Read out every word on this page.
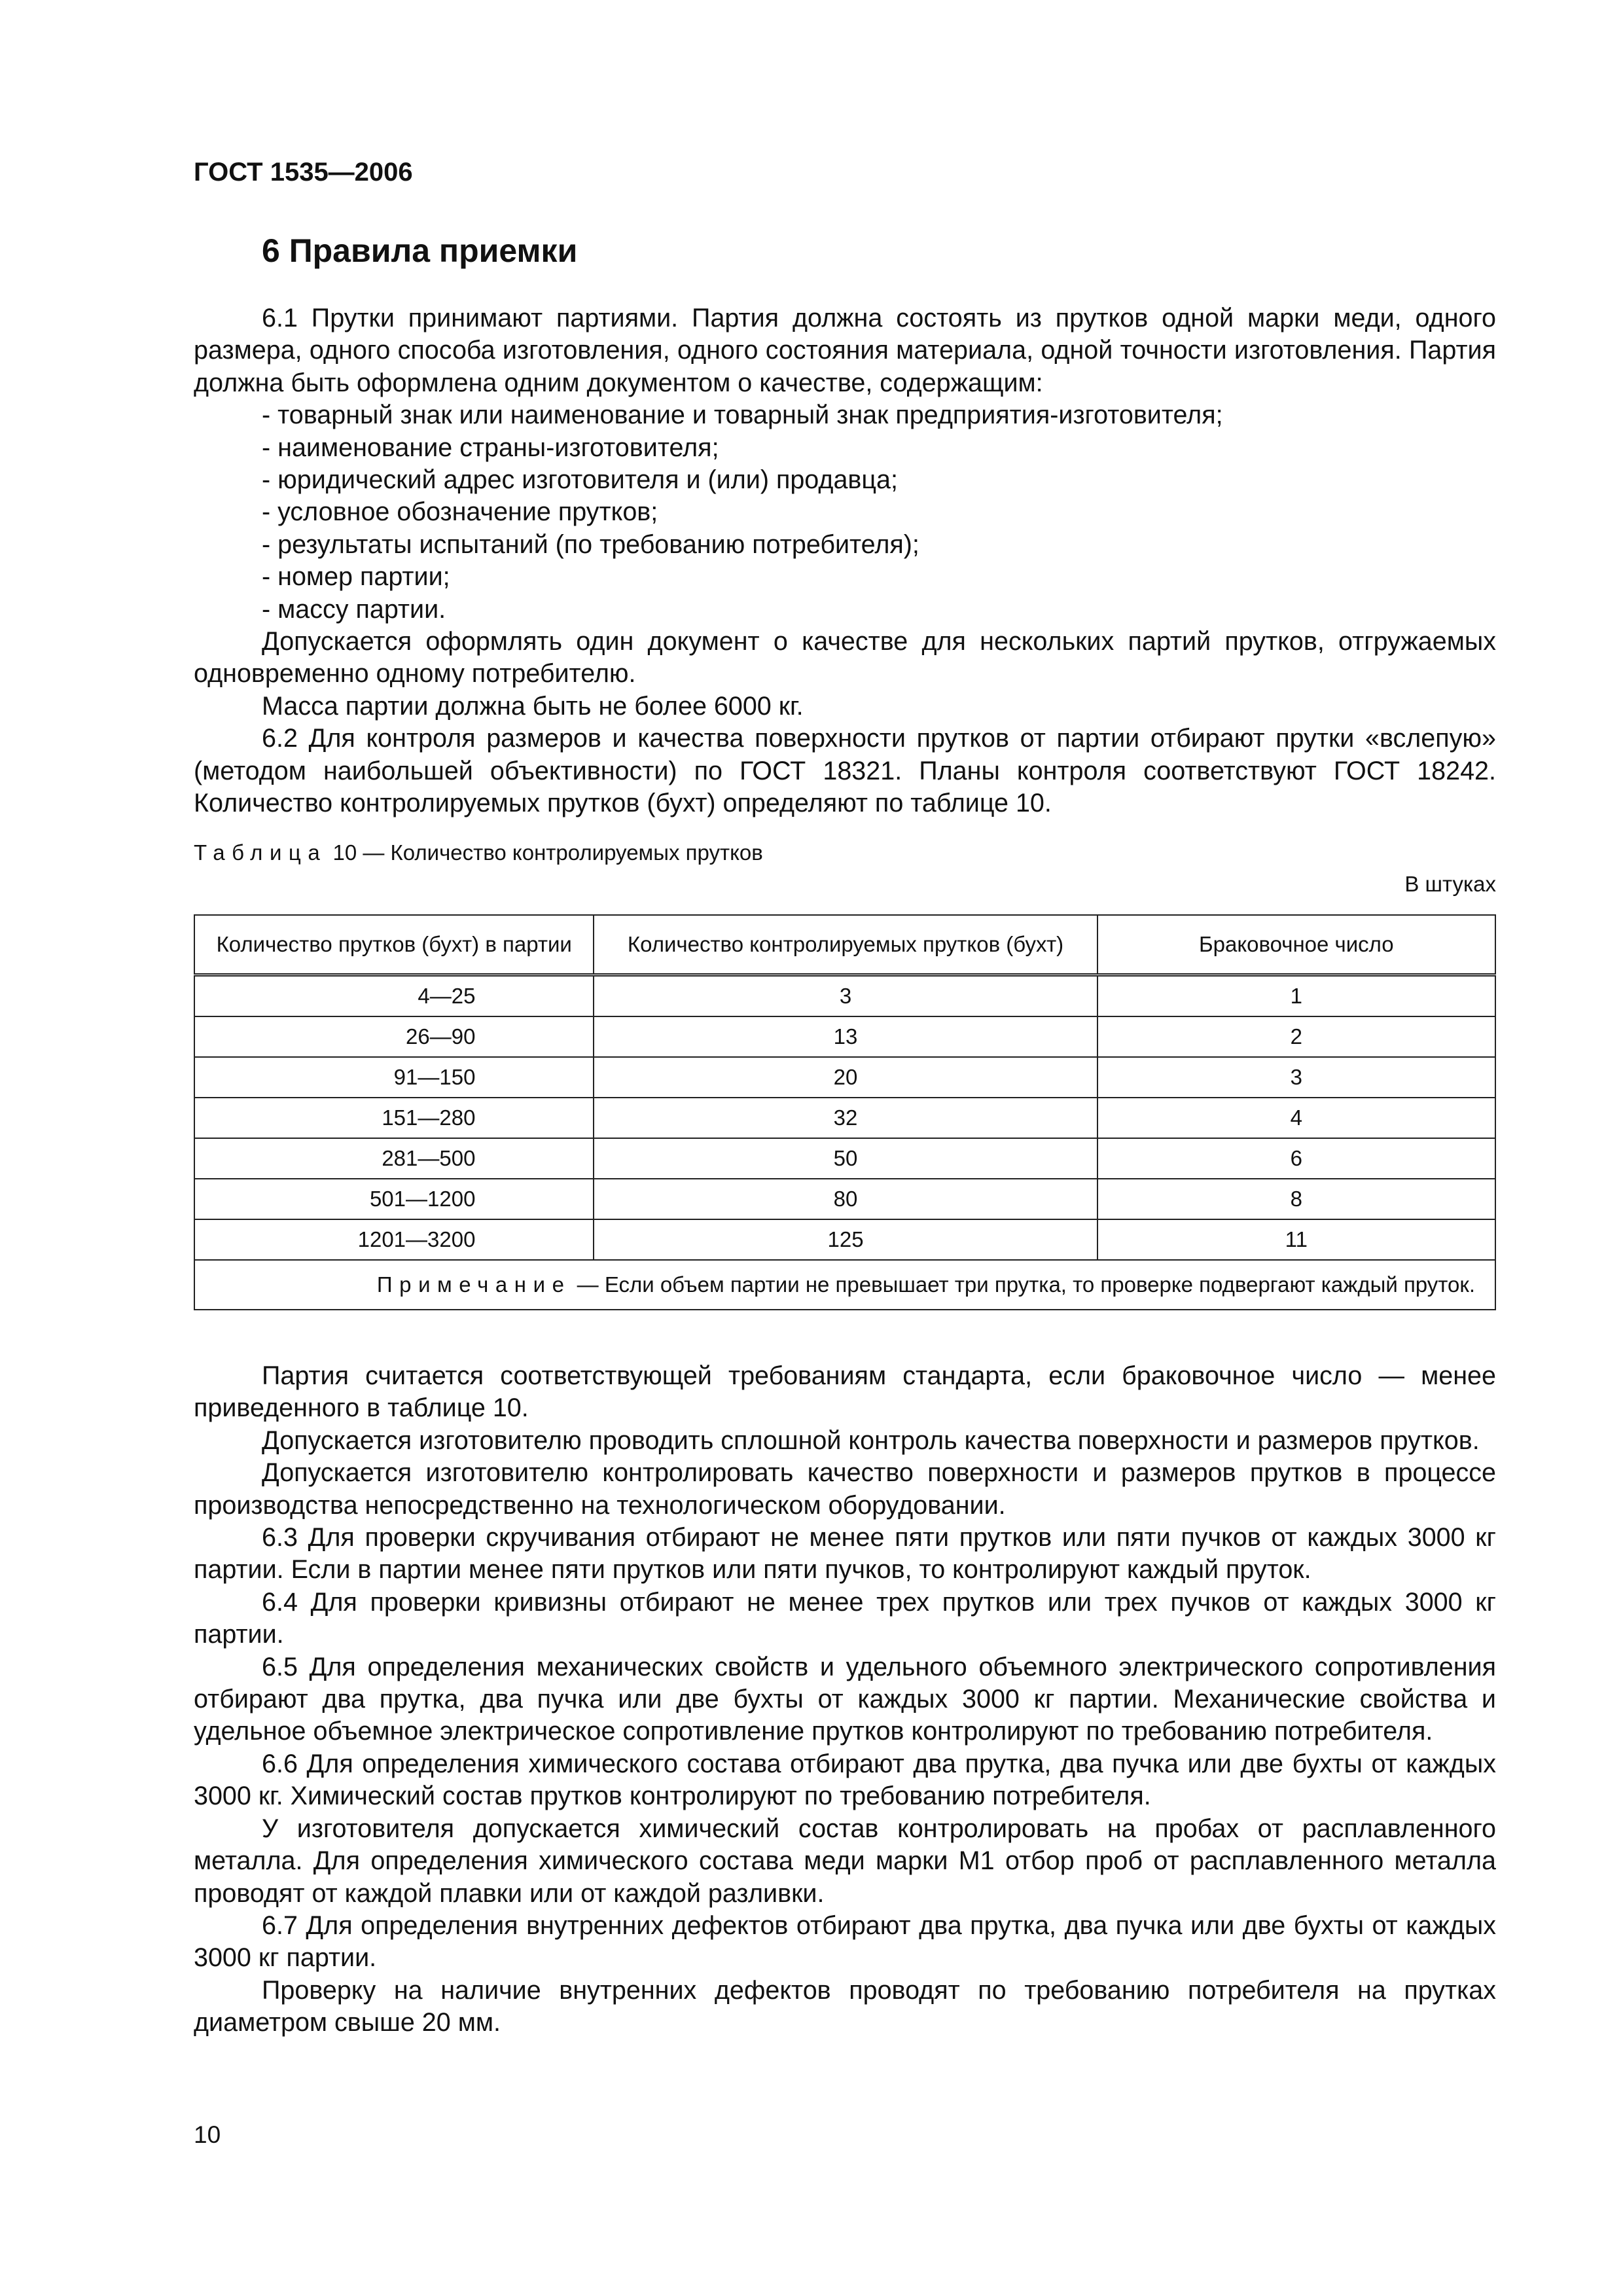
ГОСТ 1535—2006
6 Правила приемки

6.1 Прутки принимают партиями. Партия должна состоять из прутков одной марки меди, одного размера, одного способа изготовления, одного состояния материала, одной точности изготовления. Партия должна быть оформлена одним документом о качестве, содержащим:

- товарный знак или наименование и товарный знак предприятия-изготовителя;

- наименование страны-изготовителя;

- юридический адрес изготовителя и (или) продавца;

- условное обозначение прутков;

- результаты испытаний (по требованию потребителя);

- номер партии;

- массу партии.

Допускается оформлять один документ о качестве для нескольких партий прутков, отгружаемых одновременно одному потребителю.

Масса партии должна быть не более 6000 кг.

6.2 Для контроля размеров и качества поверхности прутков от партии отбирают прутки «вслепую» (методом наибольшей объективности) по ГОСТ 18321. Планы контроля соответствуют ГОСТ 18242. Количество контролируемых прутков (бухт) определяют по таблице 10.

Таблица 10 — Количество контролируемых прутков
В штуках
Количество прутков (бухт) в партии	Количество контролируемых прутков (бухт)	Браковочное число
4—25	3	1
26—90	13	2
91—150	20	3
151—280	32	4
281—500	50	6
501—1200	80	8
1201—3200	125	11
Примечание — Если объем партии не превышает три прутка, то проверке подвергают каждый пруток.		

Партия считается соответствующей требованиям стандарта, если браковочное число — менее приведенного в таблице 10.

Допускается изготовителю проводить сплошной контроль качества поверхности и размеров прутков.

Допускается изготовителю контролировать качество поверхности и размеров прутков в процессе производства непосредственно на технологическом оборудовании.

6.3 Для проверки скручивания отбирают не менее пяти прутков или пяти пучков от каждых 3000 кг партии. Если в партии менее пяти прутков или пяти пучков, то контролируют каждый пруток.

6.4 Для проверки кривизны отбирают не менее трех прутков или трех пучков от каждых 3000 кг партии.

6.5 Для определения механических свойств и удельного объемного электрического сопротивления отбирают два прутка, два пучка или две бухты от каждых 3000 кг партии. Механические свойства и удельное объемное электрическое сопротивление прутков контролируют по требованию потребителя.

6.6 Для определения химического состава отбирают два прутка, два пучка или две бухты от каждых 3000 кг. Химический состав прутков контролируют по требованию потребителя.

У изготовителя допускается химический состав контролировать на пробах от расплавленного металла. Для определения химического состава меди марки М1 отбор проб от расплавленного металла проводят от каждой плавки или от каждой разливки.

6.7 Для определения внутренних дефектов отбирают два прутка, два пучка или две бухты от каждых 3000 кг партии.

Проверку на наличие внутренних дефектов проводят по требованию потребителя на прутках диаметром свыше 20 мм.

10
